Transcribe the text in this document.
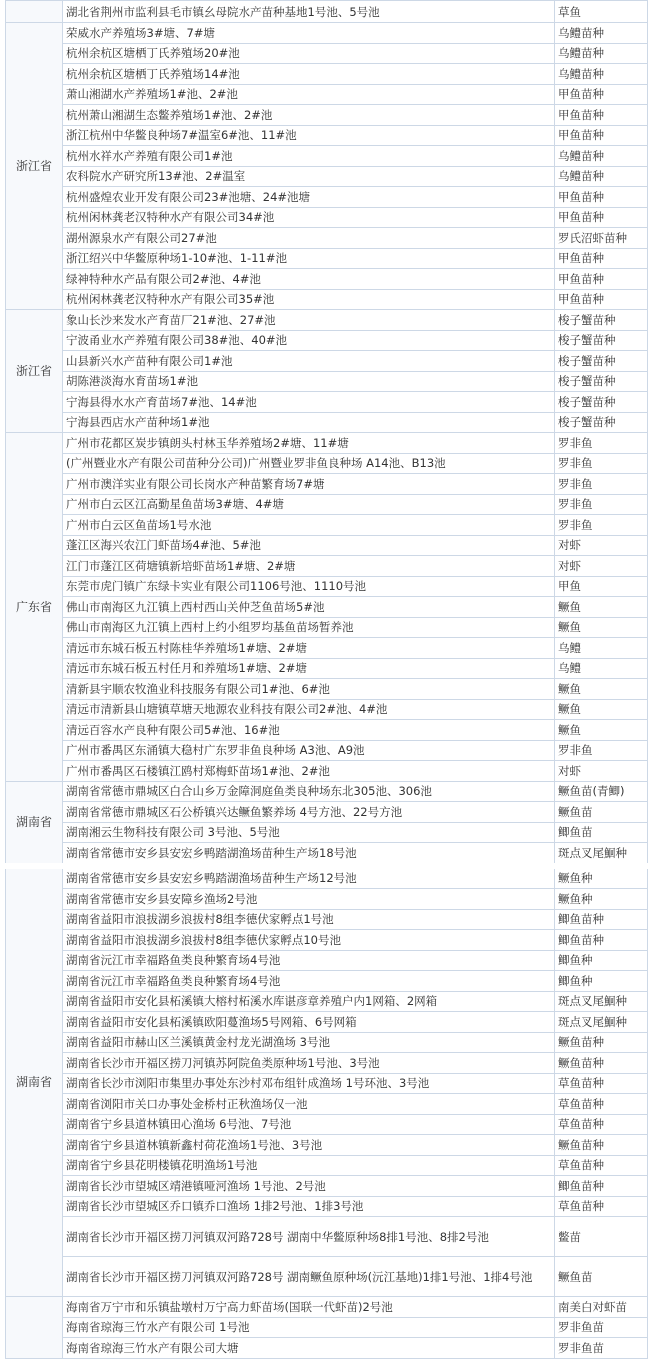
	湖北省荆州市监利县毛市镇幺母院水产苗种基地1号池、5号池	草鱼
浙江省	荣威水产养殖场3#塘、7#塘	乌鳢苗种
	杭州余杭区塘栖丁氏养殖场20#池	乌鳢苗种
	杭州余杭区塘栖丁氏养殖场14#池	乌鳢苗种
	萧山湘湖水产养殖场1#池、2#池	甲鱼苗种
	杭州萧山湘湖生态鳖养殖场1#池、2#池	甲鱼苗种
	浙江杭州中华鳖良种场7#温室6#池、11#池	甲鱼苗种
	杭州水祥水产养殖有限公司1#池	乌鳢苗种
	农科院水产研究所13#池、2#温室	乌鳢苗种
	杭州盛煌农业开发有限公司23#池塘、24#池塘	甲鱼苗种
	杭州闲林龚老汉特种水产有限公司34#池	甲鱼苗种
	湖州源泉水产有限公司27#池	罗氏沼虾苗种
	浙江绍兴中华鳖原种场1-10#池、1-11#池	甲鱼苗种
	绿神特种水产品有限公司2#池、4#池	甲鱼苗种
	杭州闲林龚老汉特种水产有限公司35#池	甲鱼苗种
浙江省	象山长沙来发水产育苗厂21#池、27#池	梭子蟹苗种
	宁波甬业水产养殖有限公司38#池、40#池	梭子蟹苗种
	山县新兴水产苗种有限公司1#池	梭子蟹苗种
	胡陈港淡海水育苗场1#池	梭子蟹苗种
	宁海县得水水产育苗场7#池、14#池	梭子蟹苗种
	宁海县西店水产苗种场1#池	梭子蟹苗种
广东省	广州市花都区炭步镇朗头村林玉华养殖场2#塘、11#塘	罗非鱼
	(广州暨业水产有限公司苗种分公司)广州暨业罗非鱼良种场 A14池、B13池	罗非鱼
	广州市澳洋实业有限公司长岗水产种苗繁育场7#塘	罗非鱼
	广州市白云区江高勤星鱼苗场3#塘、4#塘	罗非鱼
	广州市白云区鱼苗场1号水池	罗非鱼
	蓬江区海兴农江门虾苗场4#池、5#池	对虾
	江门市蓬江区荷塘镇新培虾苗场1#塘、2#塘	对虾
	东莞市虎门镇广东绿卡实业有限公司1106号池、1110号池	甲鱼
	佛山市南海区九江镇上西村西山关仲芝鱼苗场5#池	鳜鱼
	佛山市南海区九江镇上西村上约小组罗均基鱼苗场暂养池	鳜鱼
	清远市东城石板五村陈桂华养殖场1#塘、2#塘	乌鳢
	清远市东城石板五村任月和养殖场1#塘、2#塘	乌鳢
	清新县宇顺农牧渔业科技服务有限公司1#池、6#池	鳜鱼
	清远市清新县山塘镇草塘天地源农业科技有限公司2#池、4#池	鳜鱼
	清远百容水产良种有限公司5#池、16#池	鳜鱼
	广州市番禺区东涌镇大稳村广东罗非鱼良种场 A3池、A9池	罗非鱼
	广州市番禺区石楼镇江鸥村郑梅虾苗场1#池、2#池	对虾
湖南省	湖南省常德市鼎城区白合山乡万金障洞庭鱼类良种场东北305池、306池	鳜鱼苗(青鲫)
	湖南省常德市鼎城区石公桥镇兴达鳜鱼繁养场 4号方池、22号方池	鳜鱼苗
	湖南湘云生物科技有限公司 3号池、5号池	鲫鱼苗
	湖南省常德市安乡县安宏乡鸭踏湖渔场苗种生产场18号池	斑点叉尾鮰种
湖南省	湖南省常德市安乡县安宏乡鸭踏湖渔场苗种生产场12号池	鳜鱼种
	湖南省常德市安乡县安障乡渔场2号池	鳜鱼种
	湖南省益阳市浪拔湖乡浪拔村8组李德伏家孵点1号池	鲫鱼苗种
	湖南省益阳市浪拔湖乡浪拔村8组李德伏家孵点10号池	鲫鱼苗种
	湖南省沅江市幸福路鱼类良种繁育场4号池	鲫鱼种
	湖南省沅江市幸福路鱼类良种繁育场4号池	鲫鱼种
	湖南省益阳市安化县柘溪镇大榕村柘溪水库谌彦章养殖户内1网箱、2网箱	斑点叉尾鮰种
	湖南省益阳市安化县柘溪镇欧阳蔓渔场5号网箱、6号网箱	斑点叉尾鮰种
	湖南省益阳市赫山区兰溪镇黄金村龙光湖渔场 3号池	鳜鱼苗种
	湖南省长沙市开福区捞刀河镇苏阿院鱼类原种场1号池、3号池	鳜鱼苗种
	湖南省长沙市浏阳市集里办事处东沙村邓布组针成渔场 1号环池、3号池	草鱼苗种
	湖南省浏阳市关口办事处金桥村正秋渔场仅一池	草鱼苗种
	湖南省宁乡县道林镇田心渔场 6号池、7号池	草鱼苗种
	湖南省宁乡县道林镇新鑫村荷花渔场1号池、3号池	鳜鱼苗种
	湖南省宁乡县花明楼镇花明渔场1号池	草鱼苗种
	湖南省长沙市望城区靖港镇哑河渔场 1号池、2号池	鲫鱼苗种
	湖南省长沙市望城区乔口镇乔口渔场 1排2号池、1排3号池	草鱼苗种
	湖南省长沙市开福区捞刀河镇双河路728号 湖南中华鳖原种场8排1号池、8排2号池	鳖苗
	湖南省长沙市开福区捞刀河镇双河路728号 湖南鳜鱼原种场(沅江基地)1排1号池、1排4号池	鳜鱼苗
	海南省万宁市和乐镇盐墩村万宁高力虾苗场(国联一代虾苗)2号池	南美白对虾苗
	海南省琼海三竹水产有限公司 1号池	罗非鱼苗
	海南省琼海三竹水产有限公司大塘	罗非鱼苗
